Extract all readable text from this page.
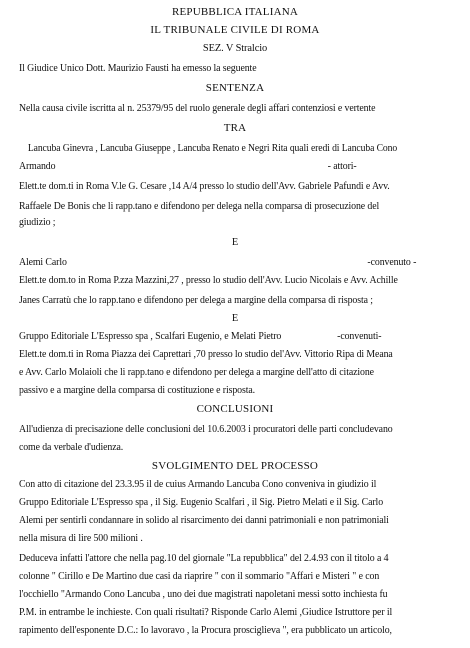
REPUBBLICA ITALIANA
IL TRIBUNALE CIVILE DI ROMA
SEZ. V Stralcio
Il Giudice Unico Dott. Maurizio Fausti ha emesso la seguente
SENTENZA
Nella causa civile iscritta al n. 25379/95 del ruolo generale degli affari contenziosi e vertente
TRA
Lancuba Ginevra , Lancuba Giuseppe , Lancuba Renato e Negri Rita quali eredi di Lancuba Cono
Armando	- attori-
Elett.te dom.ti in Roma V.le G. Cesare ,14 A/4 presso lo studio dell'Avv. Gabriele Pafundi e Avv.
Raffaele De Bonis che li rapp.tano e difendono per delega nella comparsa di prosecuzione del
giudizio ;
E
Alemi Carlo	-convenuto -
Elett.te dom.to in Roma P.zza Mazzini,27 , presso lo studio dell'Avv. Lucio Nicolais e Avv. Achille
Janes Carratù che lo rapp.tano e difendono per delega a margine della comparsa di risposta ;
E
Gruppo Editoriale L'Espresso spa , Scalfari Eugenio, e Melati Pietro	-convenuti-
Elett.te dom.ti in Roma Piazza dei Caprettari ,70 presso lo studio del'Avv. Vittorio Ripa di Meana
e Avv. Carlo Molaioli che li rapp.tano e difendono per delega a margine dell'atto di citazione
passivo e a margine della comparsa di costituzione e risposta.
CONCLUSIONI
All'udienza di precisazione delle conclusioni del 10.6.2003 i procuratori delle parti concludevano
come da verbale d'udienza.
SVOLGIMENTO DEL PROCESSO
Con atto di citazione del 23.3.95 il de cuius Armando Lancuba Cono conveniva in giudizio il
Gruppo Editoriale L'Espresso spa , il Sig. Eugenio Scalfari , il Sig. Pietro Melati e il Sig. Carlo
Alemi per sentirli condannare in solido al risarcimento dei danni patrimoniali e non patrimoniali
nella misura di lire 500 milioni .
Deduceva infatti l'attore che nella pag.10 del giornale "La repubblica" del 2.4.93 con il titolo a 4
colonne " Cirillo e De Martino due casi da riaprire " con il sommario "Affari e Misteri " e con
l'occhiello "Armando Cono Lancuba , uno dei due magistrati napoletani messi sotto inchiesta fu
P.M. in entrambe le inchieste. Con quali risultati? Risponde Carlo Alemi ,Giudice Istruttore per il
rapimento dell'esponente D.C.: Io lavoravo , la Procura prosciglieva ", era pubblicato un articolo,
